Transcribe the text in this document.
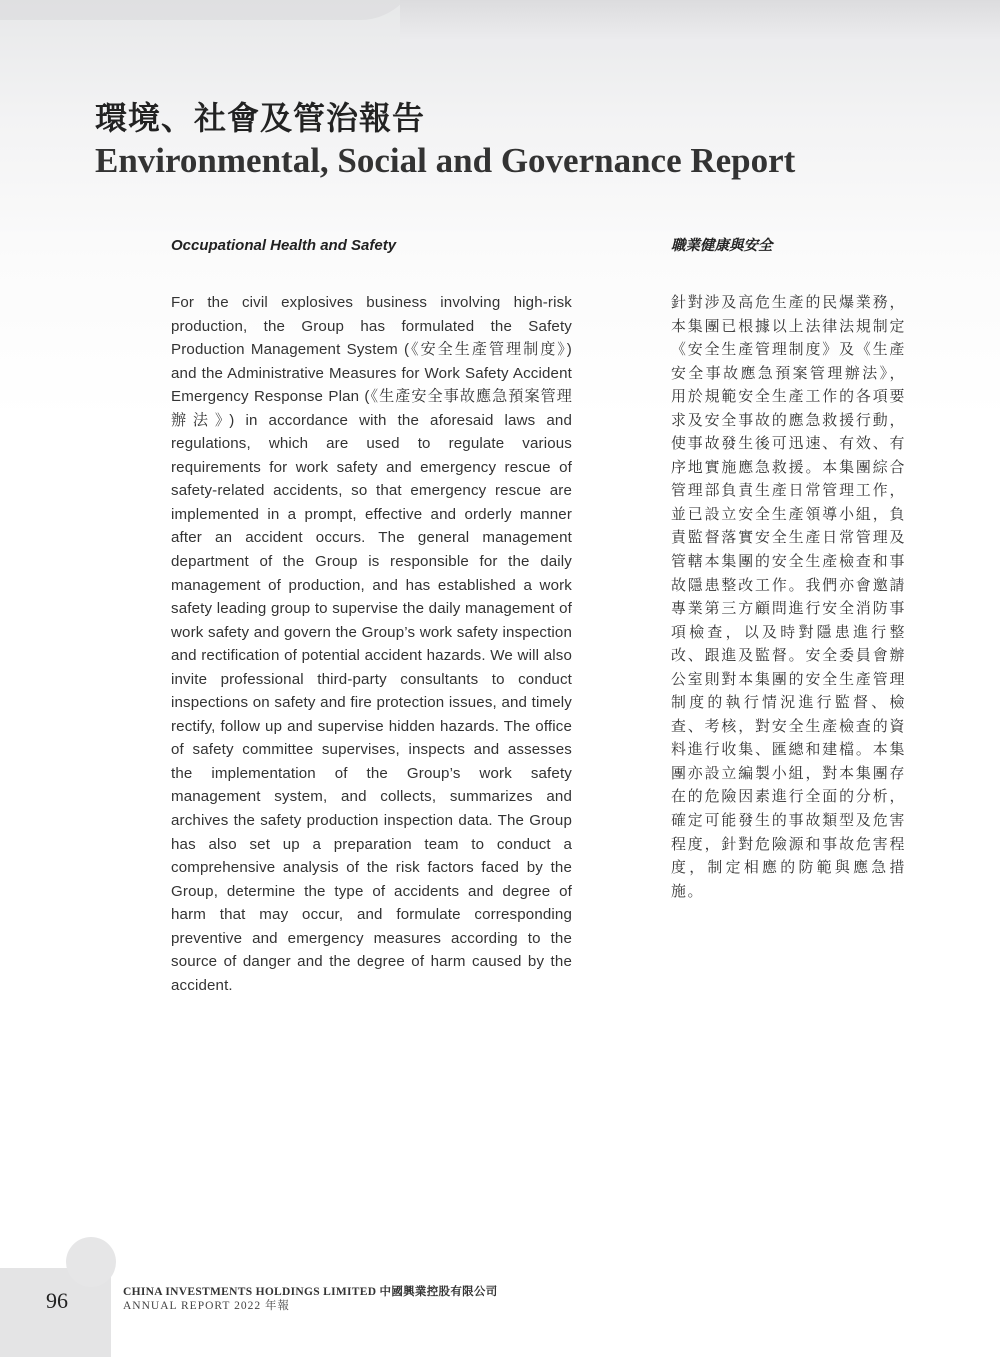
環境、社會及管治報告
Environmental, Social and Governance Report
Occupational Health and Safety

For the civil explosives business involving high-risk production, the Group has formulated the Safety Production Management System (《安全生產管理制度》) and the Administrative Measures for Work Safety Accident Emergency Response Plan (《生產安全事故應急預案管理辦法》) in accordance with the aforesaid laws and regulations, which are used to regulate various requirements for work safety and emergency rescue of safety-related accidents, so that emergency rescue are implemented in a prompt, effective and orderly manner after an accident occurs. The general management department of the Group is responsible for the daily management of production, and has established a work safety leading group to supervise the daily management of work safety and govern the Group’s work safety inspection and rectification of potential accident hazards. We will also invite professional third-party consultants to conduct inspections on safety and fire protection issues, and timely rectify, follow up and supervise hidden hazards. The office of safety committee supervises, inspects and assesses the implementation of the Group’s work safety management system, and collects, summarizes and archives the safety production inspection data. The Group has also set up a preparation team to conduct a comprehensive analysis of the risk factors faced by the Group, determine the type of accidents and degree of harm that may occur, and formulate corresponding preventive and emergency measures according to the source of danger and the degree of harm caused by the accident.

職業健康與安全

針對涉及高危生產的民爆業務，本集團已根據以上法律法規制定《安全生產管理制度》及《生產安全事故應急預案管理辦法》，用於規範安全生產工作的各項要求及安全事故的應急救援行動，使事故發生後可迅速、有效、有序地實施應急救援。本集團綜合管理部負責生產日常管理工作，並已設立安全生產領導小組，負責監督落實安全生產日常管理及管轄本集團的安全生產檢查和事故隱患整改工作。我們亦會邀請專業第三方顧問進行安全消防事項檢查，以及時對隱患進行整改、跟進及監督。安全委員會辦公室則對本集團的安全生產管理制度的執行情況進行監督、檢查、考核，對安全生產檢查的資料進行收集、匯總和建檔。本集團亦設立編製小組，對本集團存在的危險因素進行全面的分析，確定可能發生的事故類型及危害程度，針對危險源和事故危害程度，制定相應的防範與應急措施。

96	CHINA INVESTMENTS HOLDINGS LIMITED 中國興業控股有限公司
ANNUAL REPORT 2022 年報
